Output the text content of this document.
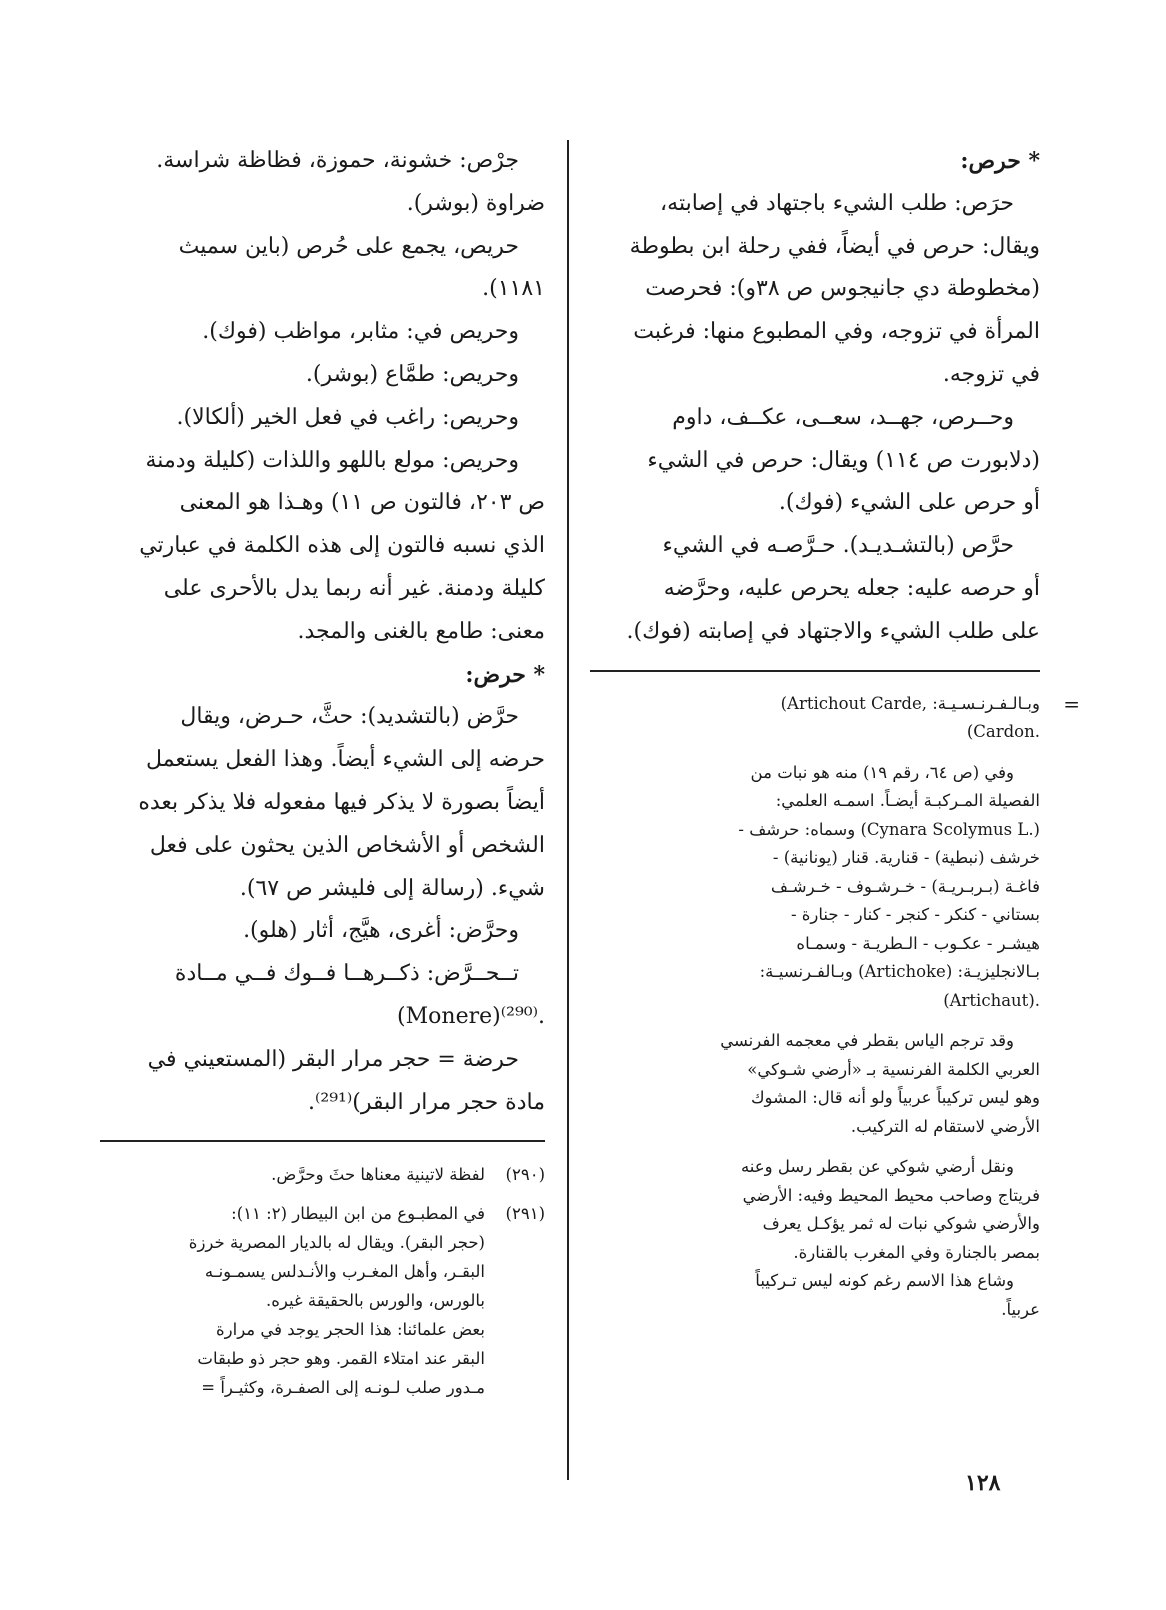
* حرص:
حرَص: طلب الشيء باجتهاد في إصابته،
ويقال: حرص في أيضاً، ففي رحلة ابن بطوطة
(مخطوطة دي جانيجوس ص ٣٨و): فحرصت
المرأة في تزوجه، وفي المطبوع منها: فرغبت
في تزوجه.

وحــرص، جهــد، سعــى، عكــف، داوم
(دلابورت ص ١١٤) ويقال: حرص في الشيء
أو حرص على الشيء (فوك).

حرَّص (بالتشـديـد). حـرَّصـه في الشيء
أو حرصه عليه: جعله يحرص عليه، وحرَّضه
على طلب الشيء والاجتهاد في إصابته (فوك).

=

وبـالـفـرنـسـيـة: ,Artichout Carde)
.Cardon)

وفي (ص ٦٤، رقم ١٩) منه هو نبات من
الفصيلة المـركبـة أيضـاً. اسمـه العلمي:
(.Cynara Scolymus L) وسماه: حرشف -
خرشف (نبطية) - قنارية. قنار (يونانية) -
فاغـة (بـربـريـة) - خـرشـوف - خـرشـف
بستاني - كنكر - كنجر - كنار - جنارة -
هيشـر - عكـوب - الـطريـة - وسمـاه
بـالانجليزيـة: (Artichoke) وبـالفـرنسيـة:
.(Artichaut)

وقد ترجم الياس بقطر في معجمه الفرنسي
العربي الكلمة الفرنسية بـ «أرضي شـوكي»
وهو ليس تركيباً عربياً ولو أنه قال: المشوك
الأرضي لاستقام له التركيب.

ونقل أرضي شوكي عن بقطر رسل وعنه
فريتاج وصاحب محيط المحيط وفيه: الأرضي
والأرضي شوكي نبات له ثمر يؤكـل يعرف
بمصر بالجنارة وفي المغرب بالقنارة.

وشاع هذا الاسم رغم كونه ليس تـركيباً
عربياً.

جرْص: خشونة، حموزة، فظاظة شراسة.
ضراوة (بوشر).

حريص، يجمع على حُرص (باين سميث
١١٨١).

وحريص في: مثابر، مواظب (فوك).
وحريص: طمَّاع (بوشر).
وحريص: راغب في فعل الخير (ألكالا).
وحريص: مولع باللهو واللذات (كليلة ودمنة
ص ٢٠٣، فالتون ص ١١) وهـذا هو المعنى
الذي نسبه فالتون إلى هذه الكلمة في عبارتي
كليلة ودمنة. غير أنه ربما يدل بالأحرى على
معنى: طامع بالغنى والمجد.

* حرض:
حرَّض (بالتشديد): حثَّ، حـرض، ويقال
حرضه إلى الشيء أيضاً. وهذا الفعل يستعمل
أيضاً بصورة لا يذكر فيها مفعوله فلا يذكر بعده
الشخص أو الأشخاص الذين يحثون على فعل
شيء. (رسالة إلى فليشر ص ٦٧).

وحرَّض: أغرى، هيَّج، أثار (هلو).
تــحــرَّض: ذكــرهــا فــوك فــي مــادة
.⁽²⁹⁰⁾(Monere)

حرضة = حجر مرار البقر (المستعيني في
مادة حجر مرار البقر)⁽²⁹¹⁾.

(٢٩٠)
لفظة لاتينية معناها حثَ وحرَّض.
(٢٩١)
في المطبـوع من ابن البيطار (٢: ١١):
(حجر البقر). ويقال له بالديار المصرية خرزة
البقـر، وأهل المغـرب والأنـدلس يسمـونـه
بالورس، والورس بالحقيقة غيره.
بعض علمائنا: هذا الحجر يوجد في مرارة
البقر عند امتلاء القمر. وهو حجر ذو طبقات
مـدور صلب لـونـه إلى الصفـرة، وكثيـراً =
١٢٨
